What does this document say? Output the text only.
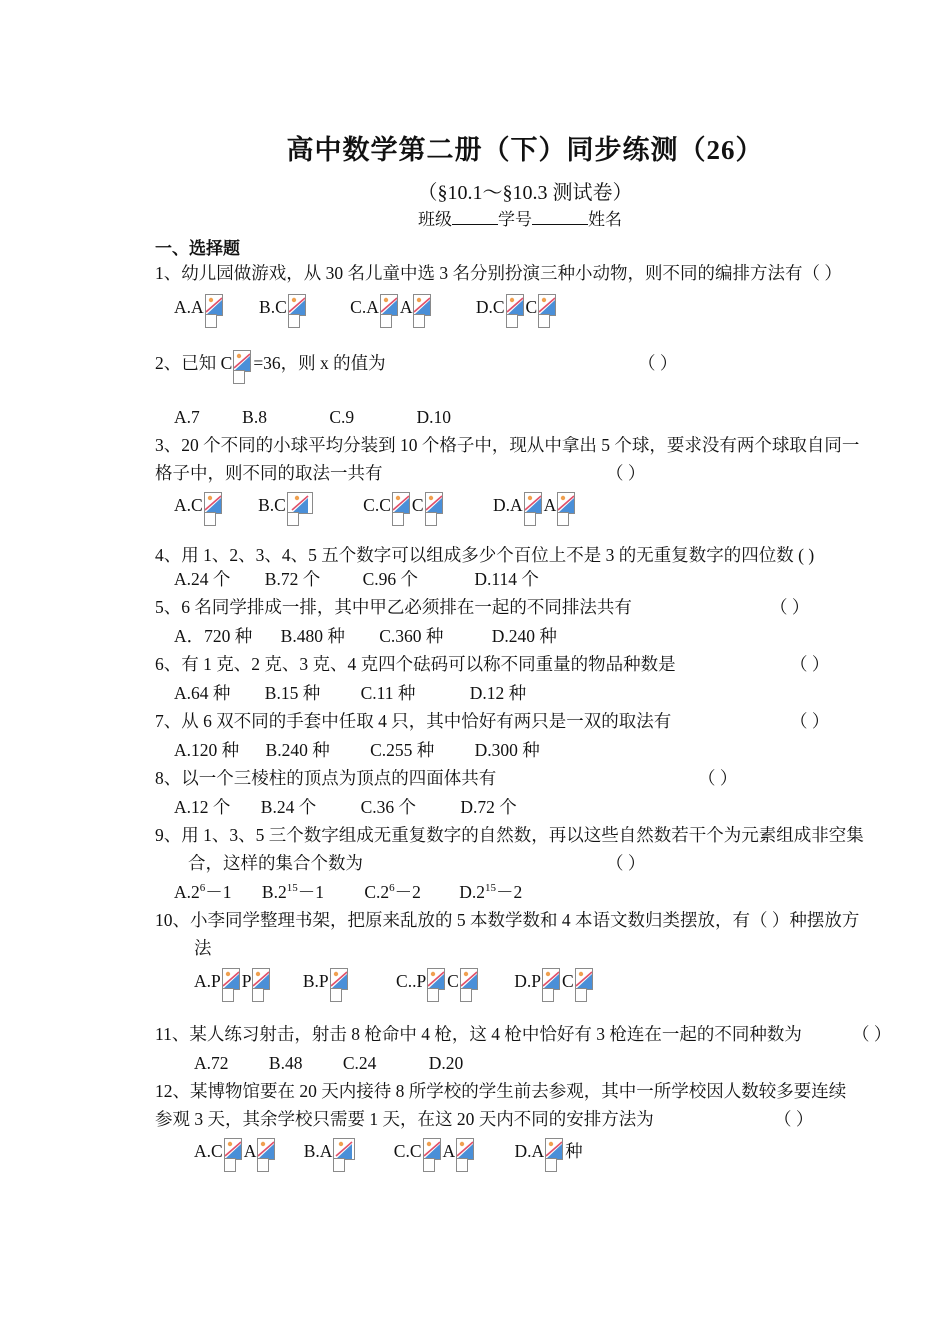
高中数学第二册（下）同步练测（26）
（§10.1～§10.3 测试卷）
班级	学号	姓名
一、选择题
1、幼儿园做游戏，从 30 名儿童中选 3 名分别扮演三种小动物，则不同的编排方法有（ ）
A.A	B.C	C.A A	D.C C
2、已知 C =36，则 x 的值为	（ ）
A.7 B.8	C.9	D.10
3、20 个不同的小球平均分装到 10 个格子中，现从中拿出 5 个球，要求没有两个球取自同一
格子中，则不同的取法一共有	（ ）
A.C	B.C	C.C C	D.A A
4、用 1、2、3、4、5 五个数字可以组成多少个百位上不是 3 的无重复数字的四位数 ( )
A.24 个 B.72 个 C.96 个	D.114 个
5、6 名同学排成一排，其中甲乙必须排在一起的不同排法共有	（ ）
A．720 种 B.480 种 C.360 种	D.240 种
6、有 1 克、2 克、3 克、4 克四个砝码可以称不同重量的物品种数是	（ ）
A.64 种 B.15 种 C.11 种	D.12 种
7、从 6 双不同的手套中任取 4 只，其中恰好有两只是一双的取法有	（ ）
A.120 种 B.240 种 C.255 种 D.300 种
8、以一个三棱柱的顶点为顶点的四面体共有	（ ）
A.12 个 B.24 个	C.36 个	D.72 个
9、用 1、3、5 三个数字组成无重复数字的自然数，再以这些自然数若干个为元素组成非空集
合，这样的集合个数为	（ ）
$A.2^6-1$ $B.2^{15}-1$ $C.2^6-2$ $D.2^{15}-2$
10、小李同学整理书架，把原来乱放的 5 本数学数和 4 本语文数归类摆放，有（ ）种摆放方
法
A.P P	B.P	C..P C	D.P C
11、某人练习射击，射击 8 枪命中 4 枪，这 4 枪中恰好有 3 枪连在一起的不同种数为	（ ）
A.72 B.48 C.24	D.20
12、某博物馆要在 20 天内接待 8 所学校的学生前去参观，其中一所学校因人数较多要连续
参观 3 天，其余学校只需要 1 天，在这 20 天内不同的安排方法为	（ ）
A.C A	B.A	C.C A	D.A 种
